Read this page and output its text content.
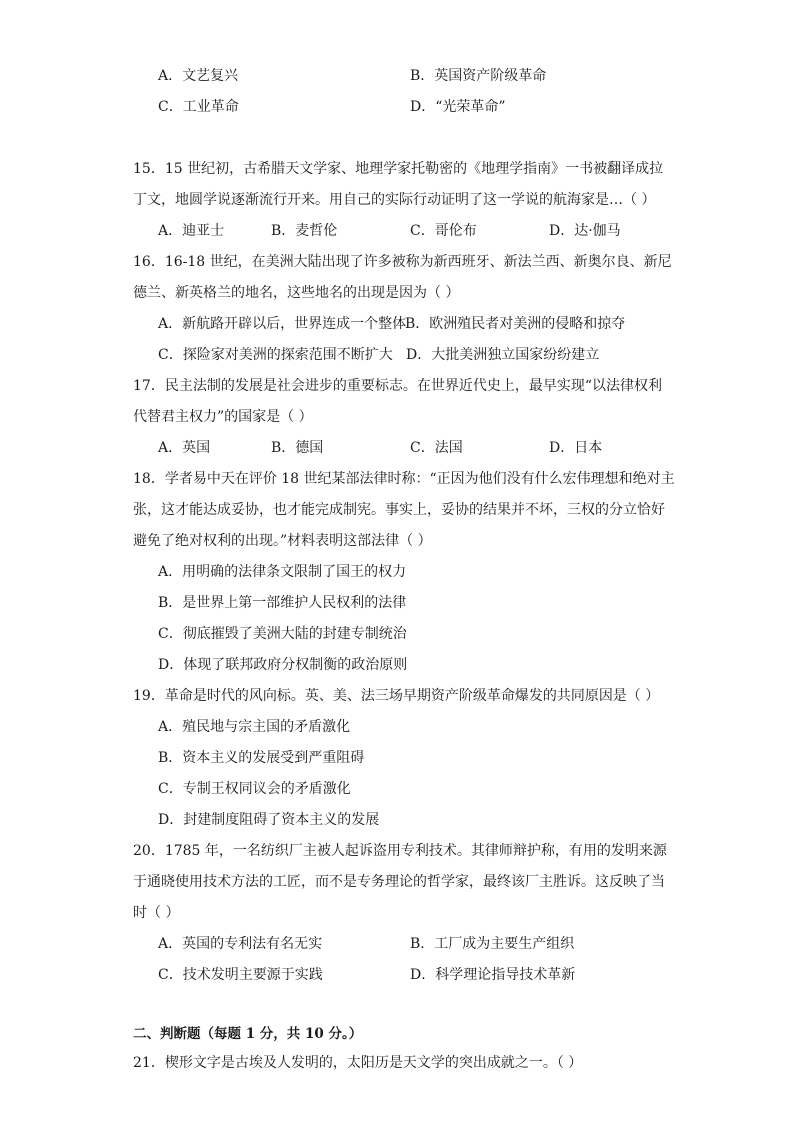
A．文艺复兴	B．英国资产阶级革命
C．工业革命	D．“光荣革命”
15．15 世纪初，古希腊天文学家、地理学家托勒密的《地理学指南》一书被翻译成拉
丁文，地圆学说逐渐流行开来。用自己的实际行动证明了这一学说的航海家是…（ ）
A．迪亚士	B．麦哲伦	C．哥伦布	D．达·伽马
16．16-18 世纪，在美洲大陆出现了许多被称为新西班牙、新法兰西、新奥尔良、新尼
德兰、新英格兰的地名，这些地名的出现是因为（ ）
A．新航路开辟以后，世界连成一个整体
B．欧洲殖民者对美洲的侵略和掠夺
C．探险家对美洲的探索范围不断扩大 D．大批美洲独立国家纷纷建立
17．民主法制的发展是社会进步的重要标志。在世界近代史上，最早实现“以法律权利
代替君主权力”的国家是（ ）
A．英国	B．德国	C．法国	D．日本
18．学者易中天在评价 18 世纪某部法律时称：“正因为他们没有什么宏伟理想和绝对主
张，这才能达成妥协，也才能完成制宪。事实上，妥协的结果并不坏，三权的分立恰好
避免了绝对权利的出现。”材料表明这部法律（ ）
A．用明确的法律条文限制了国王的权力
B．是世界上第一部维护人民权利的法律
C．彻底摧毁了美洲大陆的封建专制统治
D．体现了联邦政府分权制衡的政治原则
19．革命是时代的风向标。英、美、法三场早期资产阶级革命爆发的共同原因是（ ）
A．殖民地与宗主国的矛盾激化
B．资本主义的发展受到严重阻碍
C．专制王权同议会的矛盾激化
D．封建制度阻碍了资本主义的发展
20．1785 年，一名纺织厂主被人起诉盗用专利技术。其律师辩护称，有用的发明来源
于通晓使用技术方法的工匠，而不是专务理论的哲学家，最终该厂主胜诉。这反映了当
时（ ）
A．英国的专利法有名无实	B．工厂成为主要生产组织
C．技术发明主要源于实践	D．科学理论指导技术革新
二、判断题（每题 1 分，共 10 分。）
21．楔形文字是古埃及人发明的，太阳历是天文学的突出成就之一。（ ）
